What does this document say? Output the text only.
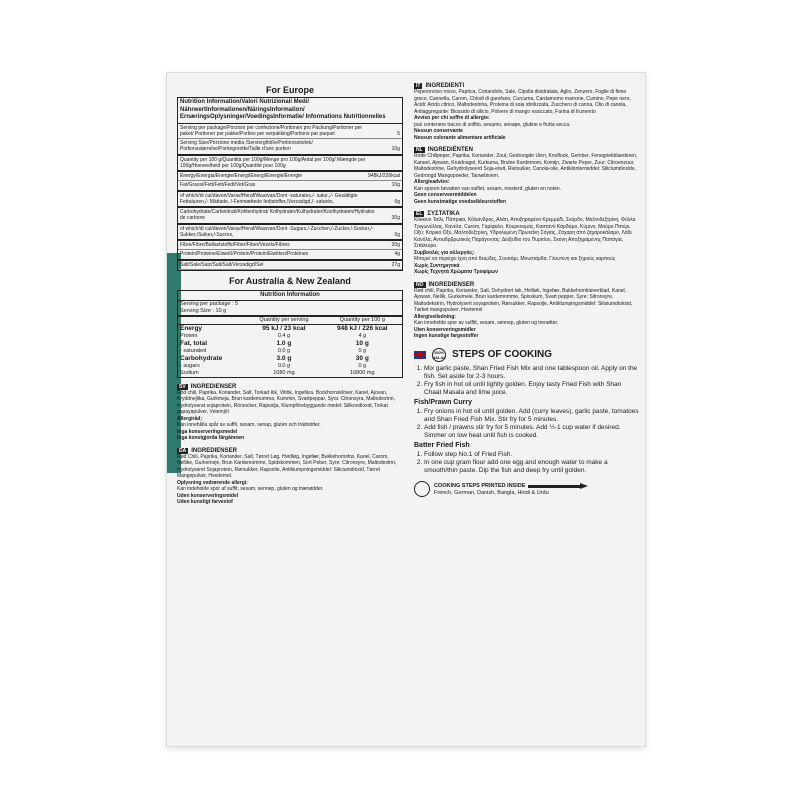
For Europe
Nutrition Information/Valori Nutrizionali Medi/ NährwertInformationen/NäringsInformation/ ErnæringsOplysninger/VoedingsInformatie/ Informations Nutritionnelles
Serving per package/Porzioni per confezione/Portionen pro Packung/Portioner per paket/ Portioner per pakke/Porties per verpakking/Portions par paquet	5
Serving Size/Porzione media /Servierghöße/Portionsstorlek/ Portionsstørrelse/Portiegrootte/Taille d'une portion	10g
Quantity per 100 g/Quantità per 100g/Menge pro 100g/Antal per 100g/ Mængde per 100g/Hoeveelheid per 100g/Quantité pour 100g
Energy/Energia/Energie/Energi/Energi/Energie/Energie	948kJ/226kcal
Fat/Grassi/Fett/Fett/Fedt/Vet/Gras	10g
of which/di cui/davon/Varav/Heraf/Waarvan/Dont -saturates,/- satur.,/- Gesättigte Fettsäuren,/- Mättade, /-Fenmættede fedtstoffer,/Verzadigd,/- saturés,	0g
Carbohydrate/Carboidrati/Kohlenhydrat/ Kolhydrater/Kulhydrater/Koolhydraten/Hydrates de carbone	30g
of which/di cui/davon/Varav/Heraf/Waarvan/Dont -Sugars,/-Zucchen,/-Zucker,/-Socker,/-Sukker,/Suiker,/-Sucres,	0g
Fibre/Fibre/Ballaststoffe/Fiber/Fiber/Vezels/Fibres	20g
Protein/Proteine/Eiweiß/Protein/Protein/Eiwitten/Protéines	4g
Salt/Sale/Salz/Salt/Salt/Verzadigd/Sel	27g
For Australia & New Zealand
Nutrition Information
Serving per package : 5
Serving Size : 10 g
	Quantity per serving	Quantity per 100 g
Energy	95 kJ / 23 kcal	948 kJ / 226 kcal
Protein	0.4 g	4 g
Fat, total	1.0 g	10 g
- saturated	0.0 g	0 g
Carbohydrate	3.0 g	30 g
- sugars	0.0 g	0 g
Sodium	1080 mg	10800 mg
SV INGREDIENSER

Röd chili, Paprika, Koriander, Salt, Torkad lök, Vitlök, Ingefära, Bockhornsklöver, Kanel, Ajovan, Kryddnejlika, Gurkmeja, Brun kardemumma, Kummin, Svartpeppar, Syra: Citronsyra, Maltodextrin, Hydrolyserat sojaprotein, Rörsocker, Rapsolja, Klumpförebyggande medel: Silikondioxid, Torkat papayapulver, Vetemjöl

Allergiråd:

Kan innehålla spår av suffit, sesam, senap, gluten och trädnötter.

Inga konserveringsmedel

Inga konstgjorda färgämnen

DA INGREDIENSER

Rød Chili, Paprika, Koriander, Salt, Tørret Løg, Hvidløg, Ingefær, Bukkehornsfrø, Kanel, Carom, Nellike, Gurkemeje, Brun Kardemomme, Spidskommen, Sort Peber, Syre: Citronsyre, Maltodextrin, Hydrolyseret Sojaprotein, Rørsukker, Rapsolie, Antiklumpningsmiddel: Siliciumdioxid, Tørret Mangopulver, Hvedemel.

Oplysning vedrørende allergi:

Kan indeholde spor af suffit, sesam, sennep, gluten og trænødder.

Uden konserveringsmidel

Uden kunstigt farvestof

IT INGREDIENTI

Peperoncino rosso, Paprica, Coriandolo, Sale, Cipolla disidratata, Aglio, Zenzero, Foglie di fieno greco, Cannella, Carom, Chiodi di garofano, Curcuma, Cardamomo marrone, Cumino, Pepe nero, Acidi: Acido citrico, Maltodestrina, Proteina di soia idrolizzata, Zucchero di canna, Olio di canola, Antiaggregante: Biossido di silicio, Polvere di mango essiccato, Farina di frumento

Avviso per chi soffre di allergie:

può contenere tracce di solfito, sesamo, senape, glutine e frutta secca.

Nessun conservante

Nessun colorante alimentare artificiale

NL INGREDIËNTEN

Rode Chilipeper, Paprika, Koriander, Zout, Gedroogde Uien, Knoflook, Gember, Fenegriekblaederen, Kaneel, Ajowan, Kruidnagel, Kurkuma, Bruine Kardemom, Komijn, Zwarte Peper, Zuur: Citroenzuur, Maltodextrine, Gehydrolyseerd Soja-eiwit, Rietsuiker, Canola-olie, Antiklontermiddel: Siliciumdioxide, Gedroogd Mangopoeder, Tarwebloem.

Allergieadvies:

Kan sporen bevatten van sulfiet, sesam, mosterd, gluten en noten.

Geen conserveermiddelen

Geen kunstmatige voedselkleurstoffen

EL ΣΥΣΤΑΤΙΚΑ

Κόκκινο Τσίλι, Πάπρικα, Κόλιανδρος, Αλάτι, Αποξηραμένο Κρεμμύδι, Σκόρδο, Μαλτοδεξτρίνη, Φύλλα Τριγωνέλλας, Κανέλα, Carom, Γαρίφαλο, Κουρκουμάς, Καστανό Κάρδαμο, Κύμινο, Μαύρο Πιπέρι, Οξύ: Κιτρικό Οξύ, Μαλτοδεξτρίνη, Υδρολυμένη Πρωτεΐνη Σόγιας, Ζάχαρη από ζαχαροκάλαμο, Λάδι Κανόλα, Αντιαδρβρωτικός Παράγοντας: Διοξείδιο του Πυριτίου, Σκόνη Αποξηραμένης Παπάγια, Σιτάλευρο.

Συμβουλές για αλλεργίες:

Μπορεί να περιέχει ίχνη από θειώδες, Σουσάμι, Μουστάρδα, Γλουτένη και ξηρούς καρπούς

Χωρίς Συντηρητικά

Χωρίς Τεχνητά Χρώματα Τροφίμων

NO INGREDIENSER

Rød chili, Paprika, Koriander, Salt, Dehydrert løk, Hvitløk, Ingefær, Bukkehornkløverblad, Kanel, Ajowan, Nellik, Gurkemeie, Brun kardemomme, Spisskum, Svart pepper, Syre: Sitronsyre, Maltodekstrin, Hydrolysert soyaprotein, Rørsukker, Rapsolje, Antiklumpingsmiddel: Silisiumdioksid, Tørket mangopulver, Hvetemel

Allergiveiledning:

Kan inneholde spor av sulfitt, sesam, sennep, gluten og trenøtter.

Uten konserveringsmidler

Ingen kunstige fargestoffer

100% HALAL STEPS OF COOKING
1. Mix garlic paste, Shan Fried Fish Mix and one tablespoon oil. Apply on the fish. Set aside for 2-3 hours.
2. Fry fish in hot oil until lightly golden. Enjoy tasty Fried Fish with Shan Chaat Masala and lime juice.
Fish/Prawn Curry
1. Fry onions in hot oil until golden. Add (curry leaves), garlic paste, tomatoes and Shan Fried Fish Mix. Stir fry for 5 minutes.
2. Add fish / prawns stir fry for 5 minutes. Add ½-1 cup water if desired. Simmer on low heat until fish is cooked.
Batter Fried Fish
1. Follow step No.1 of Fried Fish.
2. In one cup gram flour add one egg and enough water to make a smooth/thin paste. Dip the fish and deep fry until golden.
COOKING STEPS PRINTED INSIDE
French, German, Danish, Bangla, Hindi & Urdu
